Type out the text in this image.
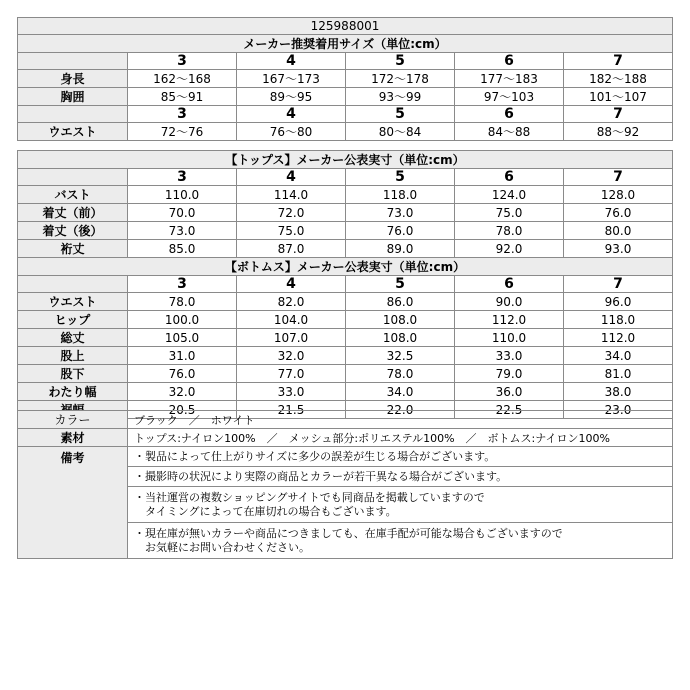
125988001					
メーカー推奨着用サイズ（単位:cm）					
	3	4	5	6	7
身長	162〜168	167〜173	172〜178	177〜183	182〜188
胸囲	85〜91	89〜95	93〜99	97〜103	101〜107
	3	4	5	6	7
ウエスト	72〜76	76〜80	80〜84	84〜88	88〜92
【トップス】メーカー公表実寸（単位:cm）					
	3	4	5	6	7
バスト	110.0	114.0	118.0	124.0	128.0
着丈（前）	70.0	72.0	73.0	75.0	76.0
着丈（後）	73.0	75.0	76.0	78.0	80.0
裄丈	85.0	87.0	89.0	92.0	93.0
【ボトムス】メーカー公表実寸（単位:cm）					
	3	4	5	6	7
ウエスト	78.0	82.0	86.0	90.0	96.0
ヒップ	100.0	104.0	108.0	112.0	118.0
総丈	105.0	107.0	108.0	110.0	112.0
股上	31.0	32.0	32.5	33.0	34.0
股下	76.0	77.0	78.0	79.0	81.0
わたり幅	32.0	33.0	34.0	36.0	38.0
	20.5	21.5	22.0	22.5	23.0
カラー	ブラック　／　ホワイト
素材	トップス:ナイロン100%　／　メッシュ部分:ポリエステル100%　／　ボトムス:ナイロン100%
備考	・製品によって仕上がりサイズに多少の誤差が生じる場合がございます。
	・撮影時の状況により実際の商品とカラーが若干異なる場合がございます。

	・当社運営の複数ショッピングサイトでも同商品を掲載していますので
　タイミングによって在庫切れの場合もございます。

	・現在庫が無いカラーや商品につきましても、在庫手配が可能な場合もございますので
　お気軽にお問い合わせください。
